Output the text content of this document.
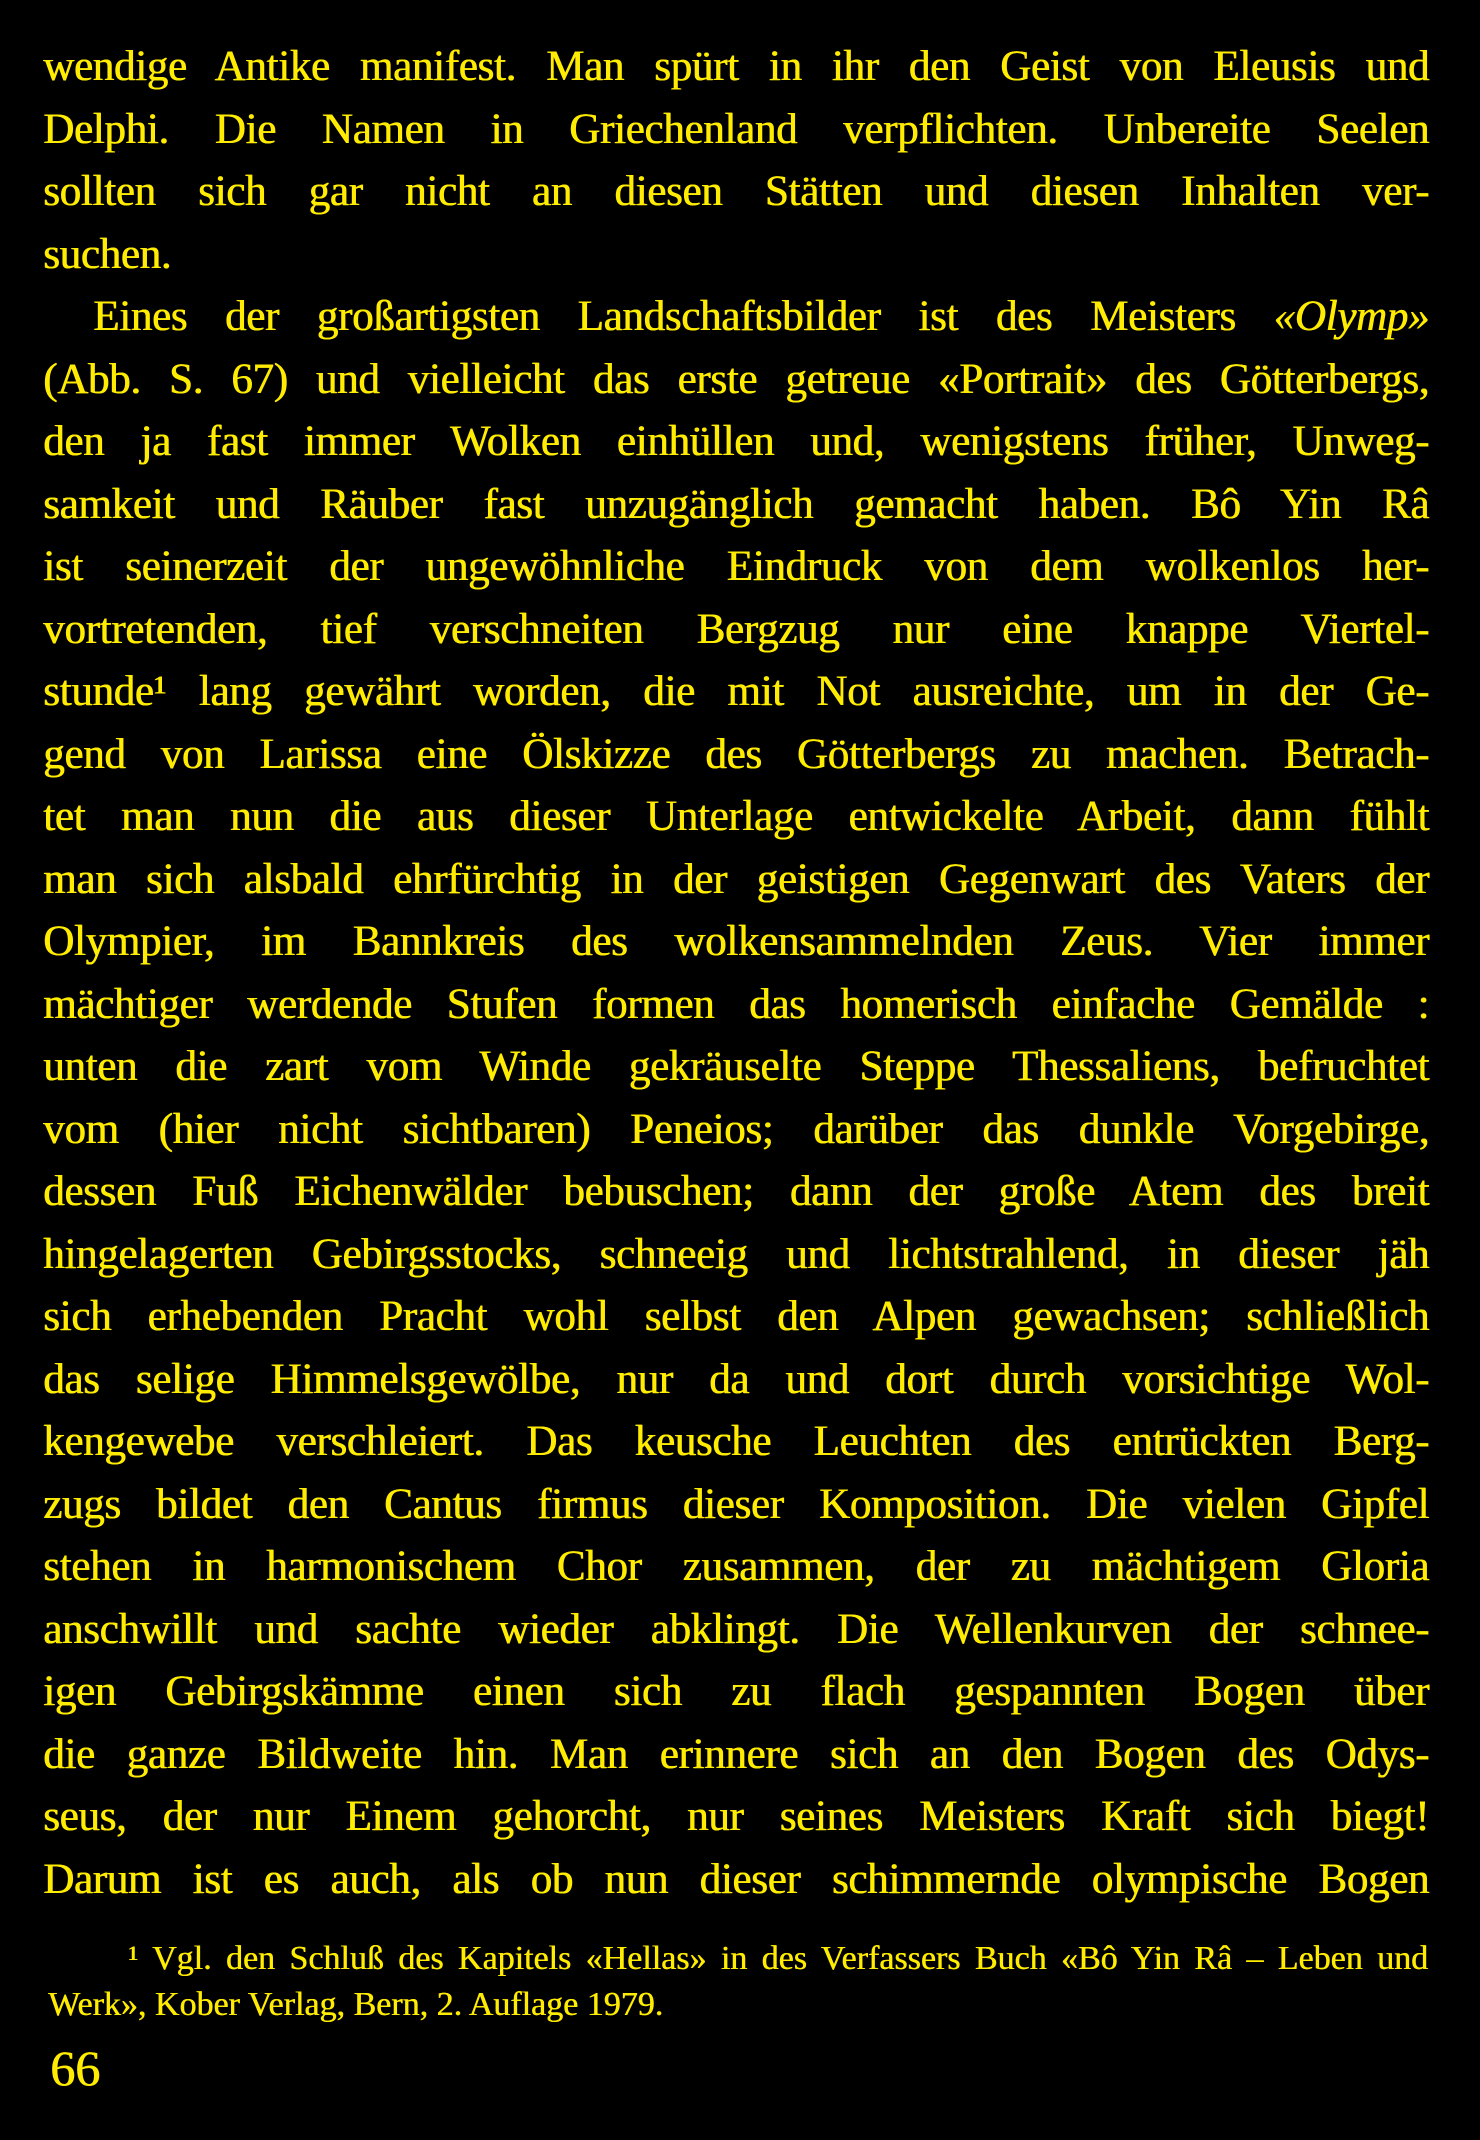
wendige Antike manifest. Man spürt in ihr den Geist von Eleusis und
Delphi. Die Namen in Griechenland verpflichten. Unbereite Seelen
sollten sich gar nicht an diesen Stätten und diesen Inhalten ver-
suchen.
Eines der großartigsten Landschaftsbilder ist des Meisters «Olymp»
(Abb. S. 67) und vielleicht das erste getreue «Portrait» des Götterbergs,
den ja fast immer Wolken einhüllen und, wenigstens früher, Unweg-
samkeit und Räuber fast unzugänglich gemacht haben. Bô Yin Râ
ist seinerzeit der ungewöhnliche Eindruck von dem wolkenlos her-
vortretenden, tief verschneiten Bergzug nur eine knappe Viertel-
stunde¹ lang gewährt worden, die mit Not ausreichte, um in der Ge-
gend von Larissa eine Ölskizze des Götterbergs zu machen. Betrach-
tet man nun die aus dieser Unterlage entwickelte Arbeit, dann fühlt
man sich alsbald ehrfürchtig in der geistigen Gegenwart des Vaters der
Olympier, im Bannkreis des wolkensammelnden Zeus. Vier immer
mächtiger werdende Stufen formen das homerisch einfache Gemälde :
unten die zart vom Winde gekräuselte Steppe Thessaliens, befruchtet
vom (hier nicht sichtbaren) Peneios; darüber das dunkle Vorgebirge,
dessen Fuß Eichenwälder bebuschen; dann der große Atem des breit
hingelagerten Gebirgsstocks, schneeig und lichtstrahlend, in dieser jäh
sich erhebenden Pracht wohl selbst den Alpen gewachsen; schließlich
das selige Himmelsgewölbe, nur da und dort durch vorsichtige Wol-
kengewebe verschleiert. Das keusche Leuchten des entrückten Berg-
zugs bildet den Cantus firmus dieser Komposition. Die vielen Gipfel
stehen in harmonischem Chor zusammen, der zu mächtigem Gloria
anschwillt und sachte wieder abklingt. Die Wellenkurven der schnee-
igen Gebirgskämme einen sich zu flach gespannten Bogen über
die ganze Bildweite hin. Man erinnere sich an den Bogen des Odys-
seus, der nur Einem gehorcht, nur seines Meisters Kraft sich biegt!
Darum ist es auch, als ob nun dieser schimmernde olympische Bogen
¹ Vgl. den Schluß des Kapitels «Hellas» in des Verfassers Buch «Bô Yin Râ – Leben und
Werk», Kober Verlag, Bern, 2. Auflage 1979.
66
